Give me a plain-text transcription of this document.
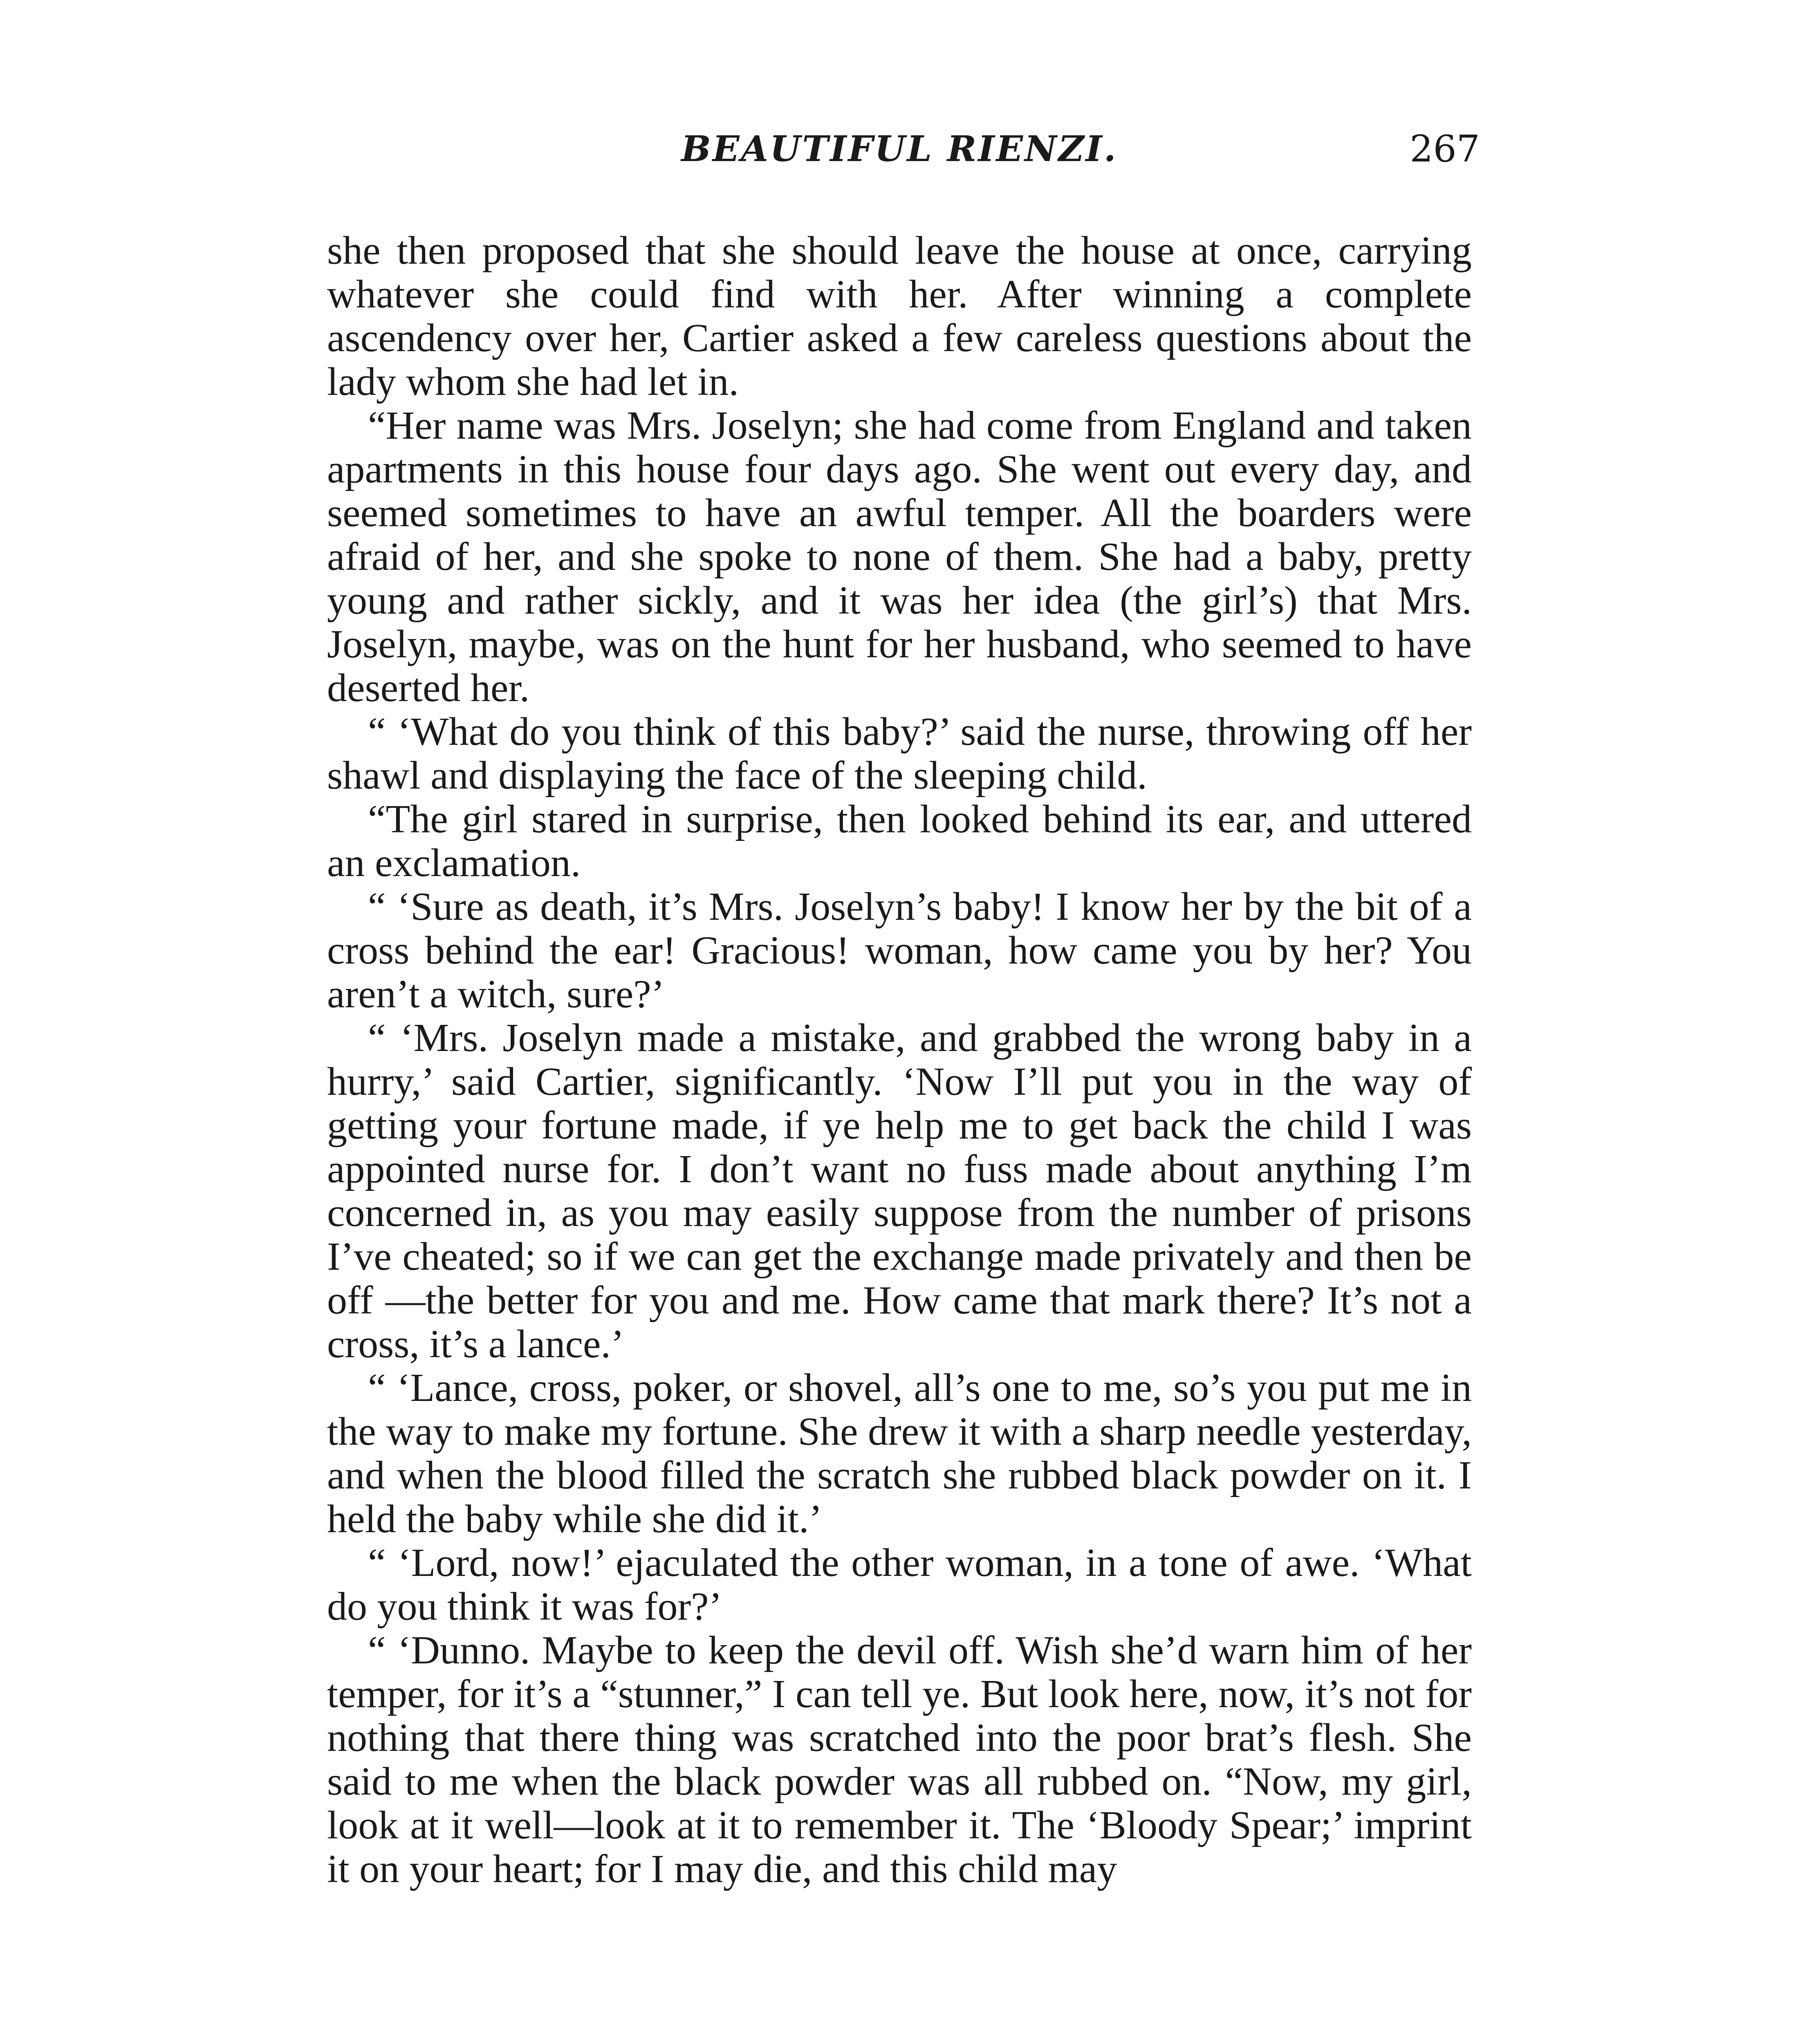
BEAUTIFUL RIENZI.	267

she then proposed that she should leave the house at once, carrying whatever she could find with her. After winning a complete ascendency over her, Cartier asked a few careless questions about the lady whom she had let in.

“Her name was Mrs. Joselyn; she had come from England and taken apartments in this house four days ago. She went out every day, and seemed sometimes to have an awful temper. All the boarders were afraid of her, and she spoke to none of them. She had a baby, pretty young and rather sickly, and it was her idea (the girl’s) that Mrs. Joselyn, maybe, was on the hunt for her husband, who seemed to have deserted her.

“ ‘What do you think of this baby?’ said the nurse, throwing off her shawl and displaying the face of the sleeping child.

“The girl stared in surprise, then looked behind its ear, and uttered an exclamation.

“ ‘Sure as death, it’s Mrs. Joselyn’s baby! I know her by the bit of a cross behind the ear! Gracious! woman, how came you by her? You aren’t a witch, sure?’

“ ‘Mrs. Joselyn made a mistake, and grabbed the wrong baby in a hurry,’ said Cartier, significantly. ‘Now I’ll put you in the way of getting your fortune made, if ye help me to get back the child I was appointed nurse for. I don’t want no fuss made about anything I’m concerned in, as you may easily suppose from the number of prisons I’ve cheated; so if we can get the exchange made privately and then be off —the better for you and me. How came that mark there? It’s not a cross, it’s a lance.’

“ ‘Lance, cross, poker, or shovel, all’s one to me, so’s you put me in the way to make my fortune. She drew it with a sharp needle yesterday, and when the blood filled the scratch she rubbed black powder on it. I held the baby while she did it.’

“ ‘Lord, now!’ ejaculated the other woman, in a tone of awe. ‘What do you think it was for?’

“ ‘Dunno. Maybe to keep the devil off. Wish she’d warn him of her temper, for it’s a “stunner,” I can tell ye. But look here, now, it’s not for nothing that there thing was scratched into the poor brat’s flesh. She said to me when the black powder was all rubbed on. “Now, my girl, look at it well—look at it to remember it. The ‘Bloody Spear;’ imprint it on your heart; for I may die, and this child may
